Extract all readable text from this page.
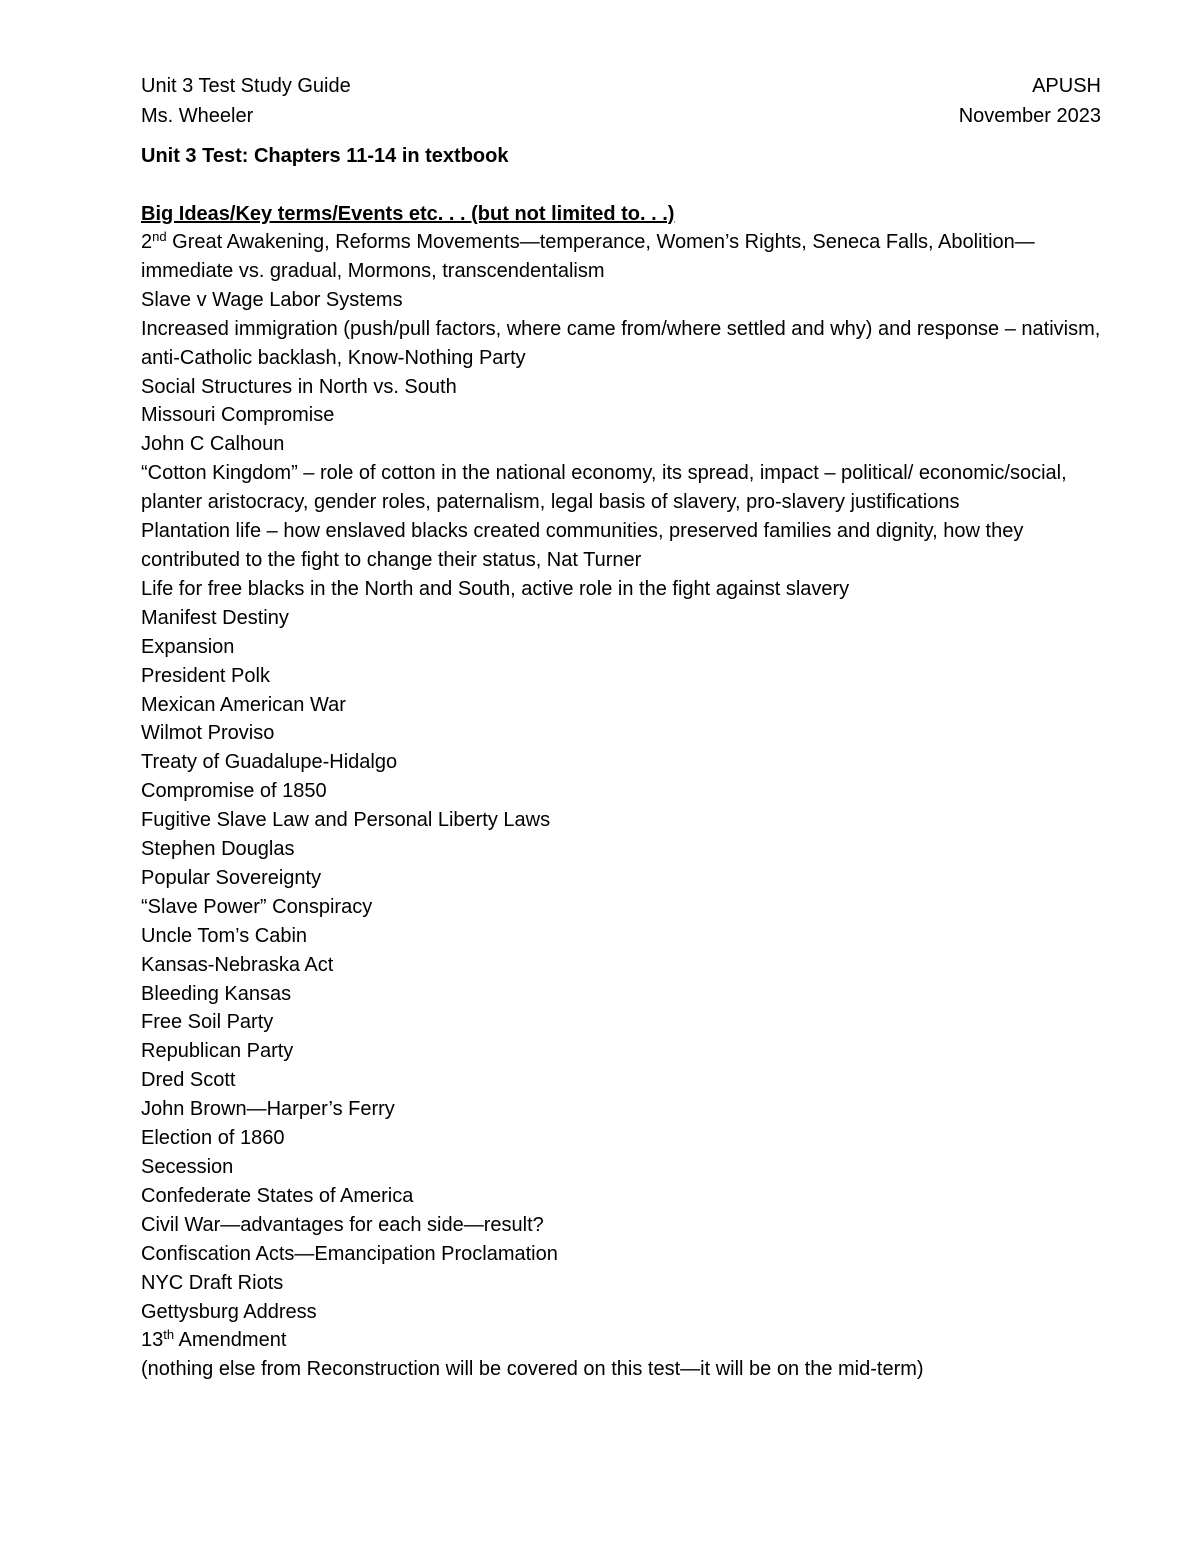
Unit 3 Test Study Guide	APUSH
Ms. Wheeler	November 2023
Unit 3 Test: Chapters 11-14 in textbook
Big Ideas/Key terms/Events etc. . . (but not limited to. . .)
2nd Great Awakening, Reforms Movements—temperance, Women’s Rights, Seneca Falls, Abolition—immediate vs. gradual, Mormons, transcendentalism
Slave v Wage Labor Systems
Increased immigration (push/pull factors, where came from/where settled and why) and response – nativism, anti-Catholic backlash, Know-Nothing Party
Social Structures in North vs. South
Missouri Compromise
John C Calhoun
“Cotton Kingdom” – role of cotton in the national economy, its spread, impact – political/ economic/social, planter aristocracy, gender roles, paternalism, legal basis of slavery, pro-slavery justifications
Plantation life – how enslaved blacks created communities, preserved families and dignity, how they contributed to the fight to change their status, Nat Turner
Life for free blacks in the North and South, active role in the fight against slavery
Manifest Destiny
Expansion
President Polk
Mexican American War
Wilmot Proviso
Treaty of Guadalupe-Hidalgo
Compromise of 1850
Fugitive Slave Law and Personal Liberty Laws
Stephen Douglas
Popular Sovereignty
“Slave Power” Conspiracy
Uncle Tom’s Cabin
Kansas-Nebraska Act
Bleeding Kansas
Free Soil Party
Republican Party
Dred Scott
John Brown—Harper’s Ferry
Election of 1860
Secession
Confederate States of America
Civil War—advantages for each side—result?
Confiscation Acts—Emancipation Proclamation
NYC Draft Riots
Gettysburg Address
13th Amendment
(nothing else from Reconstruction will be covered on this test—it will be on the mid-term)
